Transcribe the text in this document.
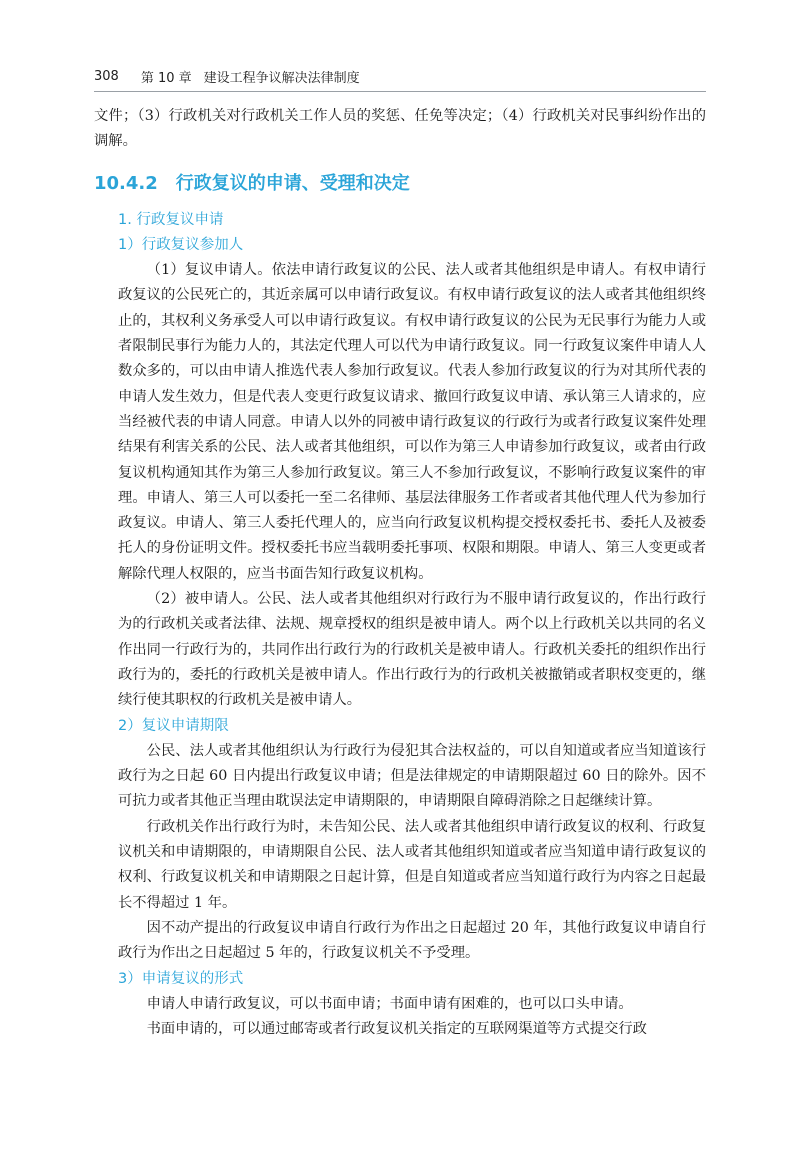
308 第 10 章 建设工程争议解决法律制度

文件；（3）行政机关对行政机关工作人员的奖惩、任免等决定；（4）行政机关对民事纠纷作出的调解。

10.4.2 行政复议的申请、受理和决定
1. 行政复议申请
1）行政复议参加人

（1）复议申请人。依法申请行政复议的公民、法人或者其他组织是申请人。有权申请行政复议的公民死亡的，其近亲属可以申请行政复议。有权申请行政复议的法人或者其他组织终止的，其权利义务承受人可以申请行政复议。有权申请行政复议的公民为无民事行为能力人或者限制民事行为能力人的，其法定代理人可以代为申请行政复议。同一行政复议案件申请人人数众多的，可以由申请人推选代表人参加行政复议。代表人参加行政复议的行为对其所代表的申请人发生效力，但是代表人变更行政复议请求、撤回行政复议申请、承认第三人请求的，应当经被代表的申请人同意。申请人以外的同被申请行政复议的行政行为或者行政复议案件处理结果有利害关系的公民、法人或者其他组织，可以作为第三人申请参加行政复议，或者由行政复议机构通知其作为第三人参加行政复议。第三人不参加行政复议，不影响行政复议案件的审理。申请人、第三人可以委托一至二名律师、基层法律服务工作者或者其他代理人代为参加行政复议。申请人、第三人委托代理人的，应当向行政复议机构提交授权委托书、委托人及被委托人的身份证明文件。授权委托书应当载明委托事项、权限和期限。申请人、第三人变更或者解除代理人权限的，应当书面告知行政复议机构。

（2）被申请人。公民、法人或者其他组织对行政行为不服申请行政复议的，作出行政行为的行政机关或者法律、法规、规章授权的组织是被申请人。两个以上行政机关以共同的名义作出同一行政行为的，共同作出行政行为的行政机关是被申请人。行政机关委托的组织作出行政行为的，委托的行政机关是被申请人。作出行政行为的行政机关被撤销或者职权变更的，继续行使其职权的行政机关是被申请人。

2）复议申请期限

公民、法人或者其他组织认为行政行为侵犯其合法权益的，可以自知道或者应当知道该行政行为之日起 60 日内提出行政复议申请；但是法律规定的申请期限超过 60 日的除外。因不可抗力或者其他正当理由耽误法定申请期限的，申请期限自障碍消除之日起继续计算。

行政机关作出行政行为时，未告知公民、法人或者其他组织申请行政复议的权利、行政复议机关和申请期限的，申请期限自公民、法人或者其他组织知道或者应当知道申请行政复议的权利、行政复议机关和申请期限之日起计算，但是自知道或者应当知道行政行为内容之日起最长不得超过 1 年。

因不动产提出的行政复议申请自行政行为作出之日起超过 20 年，其他行政复议申请自行政行为作出之日起超过 5 年的，行政复议机关不予受理。

3）申请复议的形式

申请人申请行政复议，可以书面申请；书面申请有困难的，也可以口头申请。

书面申请的，可以通过邮寄或者行政复议机关指定的互联网渠道等方式提交行政
